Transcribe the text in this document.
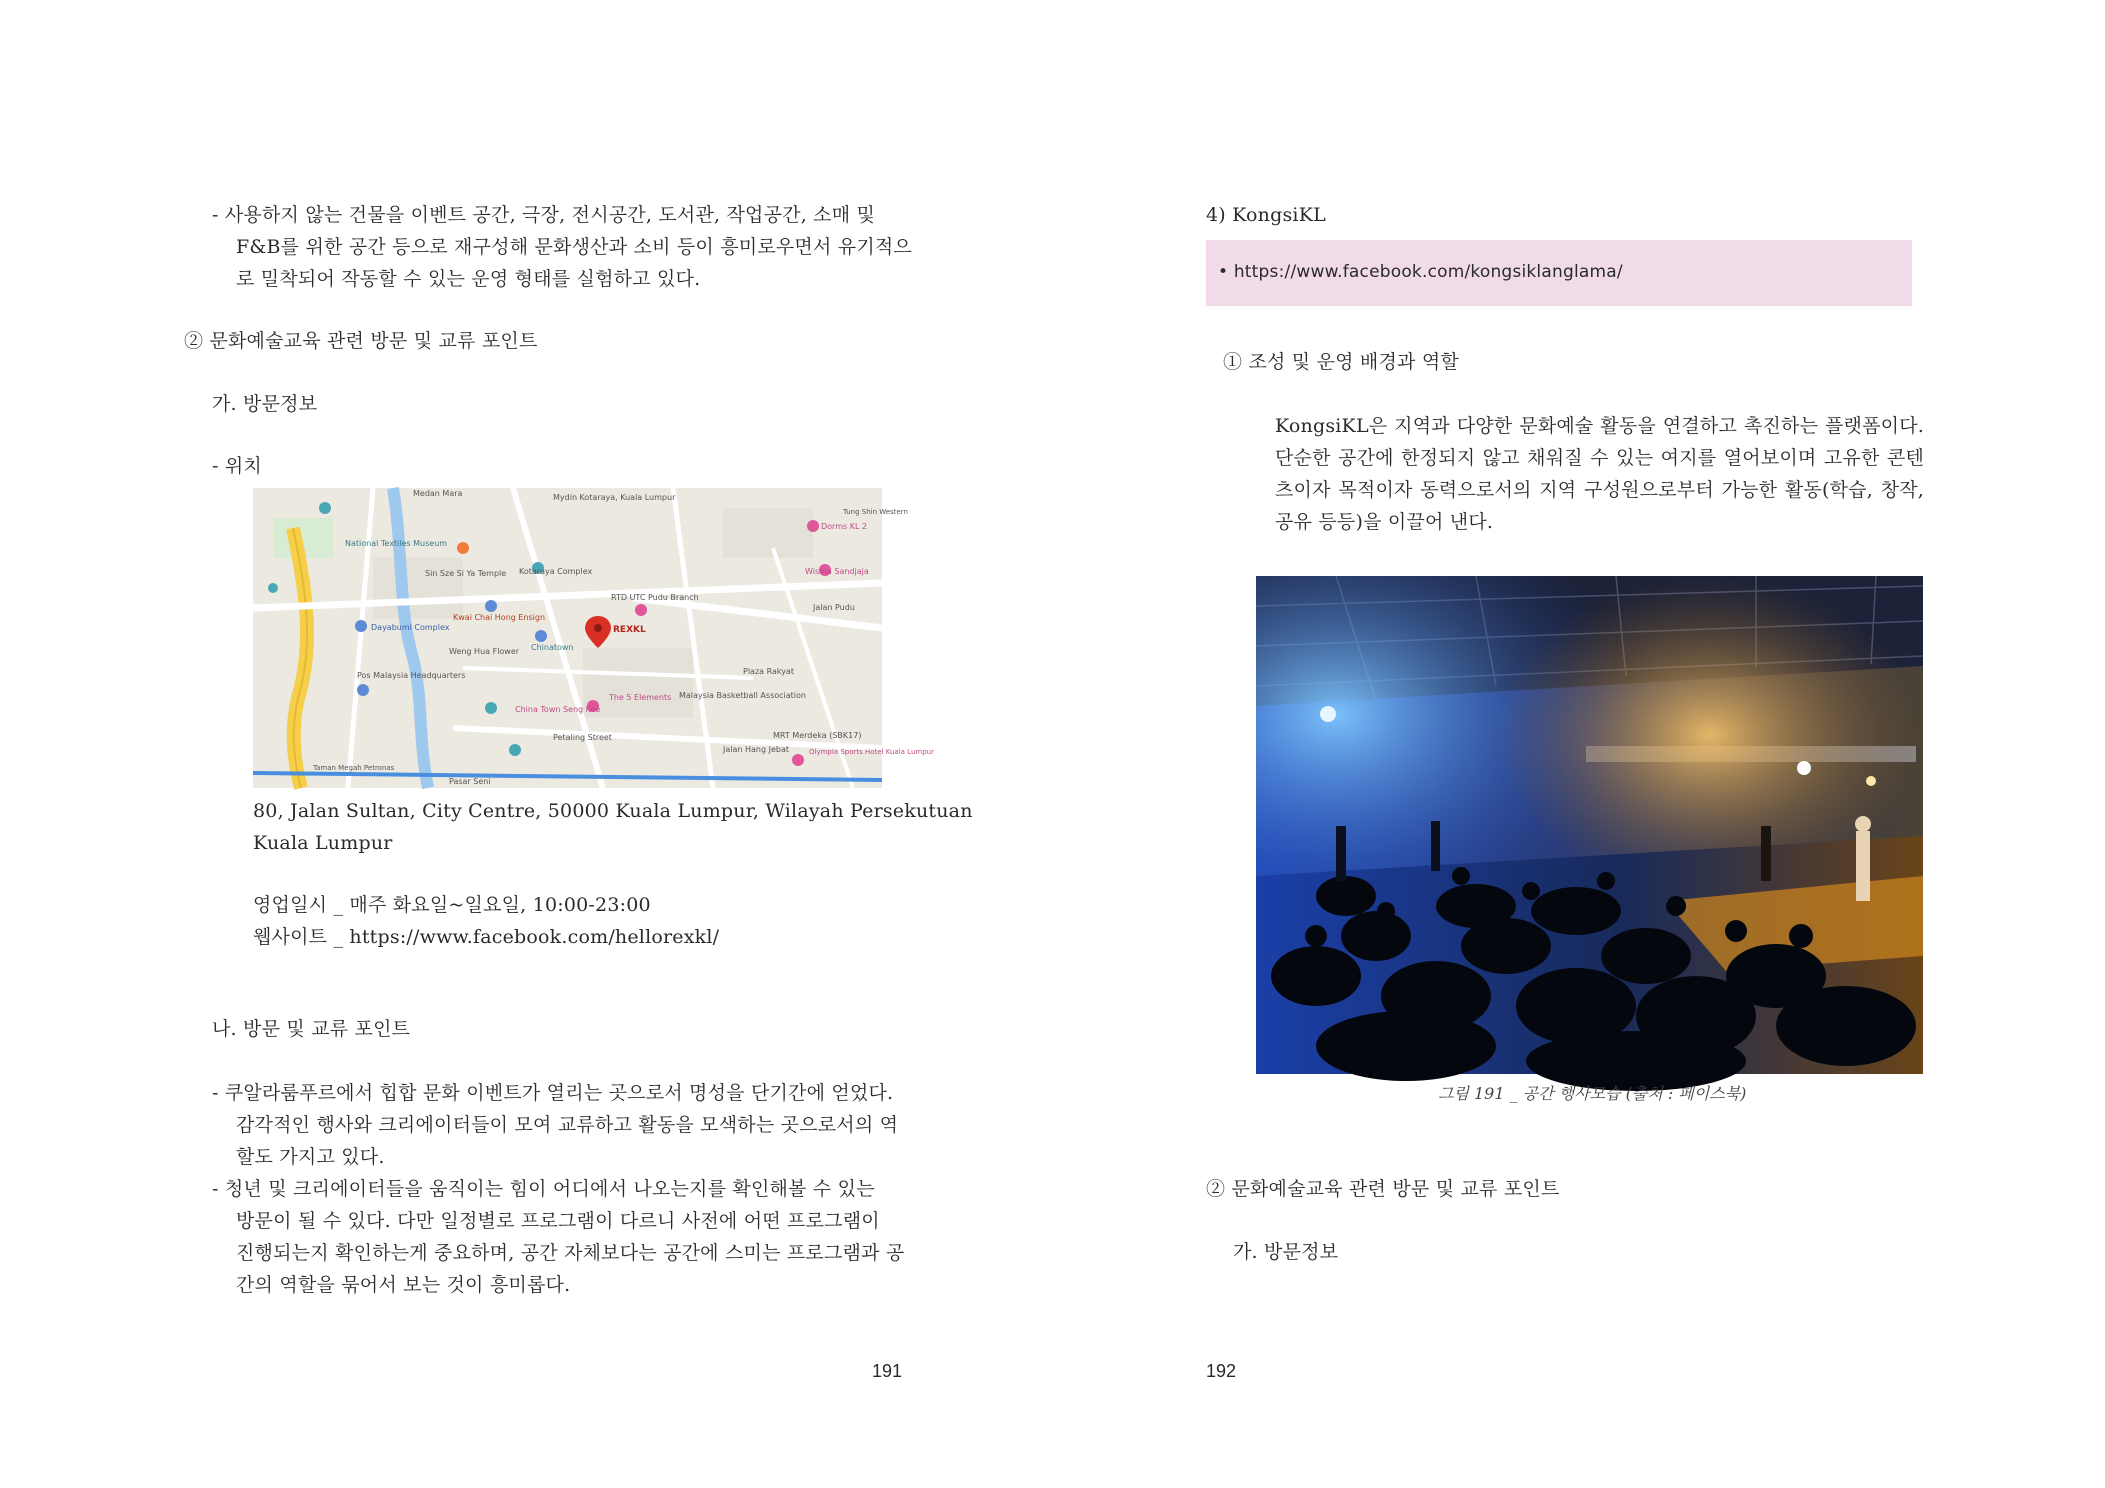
- 사용하지 않는 건물을 이벤트 공간, 극장, 전시공간, 도서관, 작업공간, 소매 및
F&B를 위한 공간 등으로 재구성해 문화생산과 소비 등이 흥미로우면서 유기적으
로 밀착되어 작동할 수 있는 운영 형태를 실험하고 있다.
② 문화예술교육 관련 방문 및 교류 포인트
가. 방문정보
- 위치
REXKL
Medan Mara	Mydin Kotaraya, Kuala Lumpur
Dorms KL 2
Tung Shin Western
National Textiles Museum
Sin Sze Si Ya Temple Kotaraya Complex
RTD UTC Pudu Branch
Jalan Pudu
Wisma Sandjaja
Dayabumi Complex
Chinatown
Kwai Chai Hong Ensign
Plaza Rakyat
Pos Malaysia Headquarters
Malaysia Basketball Association
MRT Merdeka (SBK17)
China Town Seng Kee
The 5 Elements
Petaling Street
Jalan Hang Jebat
Pasar Seni
Olympia Sports Hotel Kuala Lumpur
Taman Megah Petronas
Weng Hua Flower
80, Jalan Sultan, City Centre, 50000 Kuala Lumpur, Wilayah Persekutuan
Kuala Lumpur
영업일시 _ 매주 화요일~일요일, 10:00-23:00
웹사이트 _ https://www.facebook.com/hellorexkl/
나. 방문 및 교류 포인트
- 쿠알라룸푸르에서 힙합 문화 이벤트가 열리는 곳으로서 명성을 단기간에 얻었다.
감각적인 행사와 크리에이터들이 모여 교류하고 활동을 모색하는 곳으로서의 역
할도 가지고 있다.
- 청년 및 크리에이터들을 움직이는 힘이 어디에서 나오는지를 확인해볼 수 있는
방문이 될 수 있다. 다만 일정별로 프로그램이 다르니 사전에 어떤 프로그램이
진행되는지 확인하는게 중요하며, 공간 자체보다는 공간에 스미는 프로그램과 공
간의 역할을 묶어서 보는 것이 흥미롭다.
191
4) KongsiKL
• https://www.facebook.com/kongsiklanglama/
① 조성 및 운영 배경과 역할
KongsiKL은 지역과 다양한 문화예술 활동을 연결하고 촉진하는 플랫폼이다.
단순한 공간에 한정되지 않고 채워질 수 있는 여지를 열어보이며 고유한 콘텐
츠이자 목적이자 동력으로서의 지역 구성원으로부터 가능한 활동(학습, 창작,
공유 등등)을 이끌어 낸다.
그림 191 _ 공간 행사모습 (출처 : 페이스북)
② 문화예술교육 관련 방문 및 교류 포인트
가. 방문정보
192
